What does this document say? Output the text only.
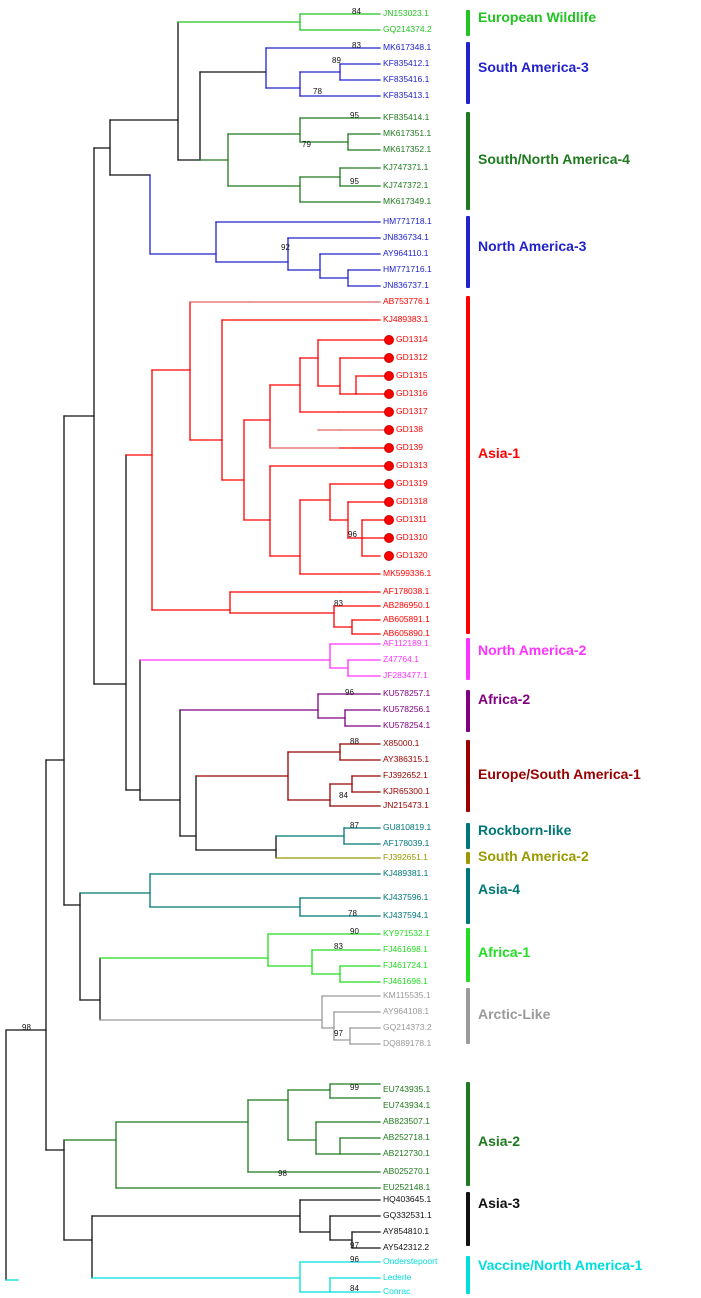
JN153023.1
GQ214374.2
MK617348.1
KF835412.1
KF835416.1
KF835413.1
KF835414.1
MK617351.1
MK617352.1
KJ747371.1
KJ747372.1
MK617349.1
HM771718.1
JN836734.1
AY964110.1
HM771716.1
JN836737.1
AB753776.1
KJ489383.1
GD1314
GD1312
GD1315
GD1316
GD1317
GD138
GD139
GD1313
GD1319
GD1318
GD1311
GD1310
GD1320
MK599336.1
AF178038.1
AB286950.1
AB605891.1
AB605890.1
AF112189.1
Z47764.1
JF283477.1
KU578257.1
KU578256.1
KU578254.1
X85000.1
AY386315.1
FJ392652.1
KJR65300.1
JN215473.1
GU810819.1
AF178039.1
FJ392651.1
KJ489381.1
KJ437596.1
KJ437594.1
KY971532.1
FJ461698.1
FJ461724.1
FJ461696.1
KM115535.1
AY964108.1
GQ214373.2
DQ889178.1
EU743935.1
EU743934.1
AB823507.1
AB252718.1
AB212730.1
AB025270.1
EU252148.1
HQ403645.1
GQ332531.1
AY854810.1
AY542312.2
Onderstepoort
Lederle
Conrac
84
83
89
78
95
79
95
92
96
83
96
88
84
87
78
90
83
97
99
98
97
96
84
98
European Wildlife
South America-3
South/North America-4
North America-3
Asia-1
North America-2
Africa-2
Europe/South America-1
Rockborn-like
South America-2
Asia-4
Africa-1
Arctic-Like
Asia-2
Asia-3
Vaccine/North America-1
